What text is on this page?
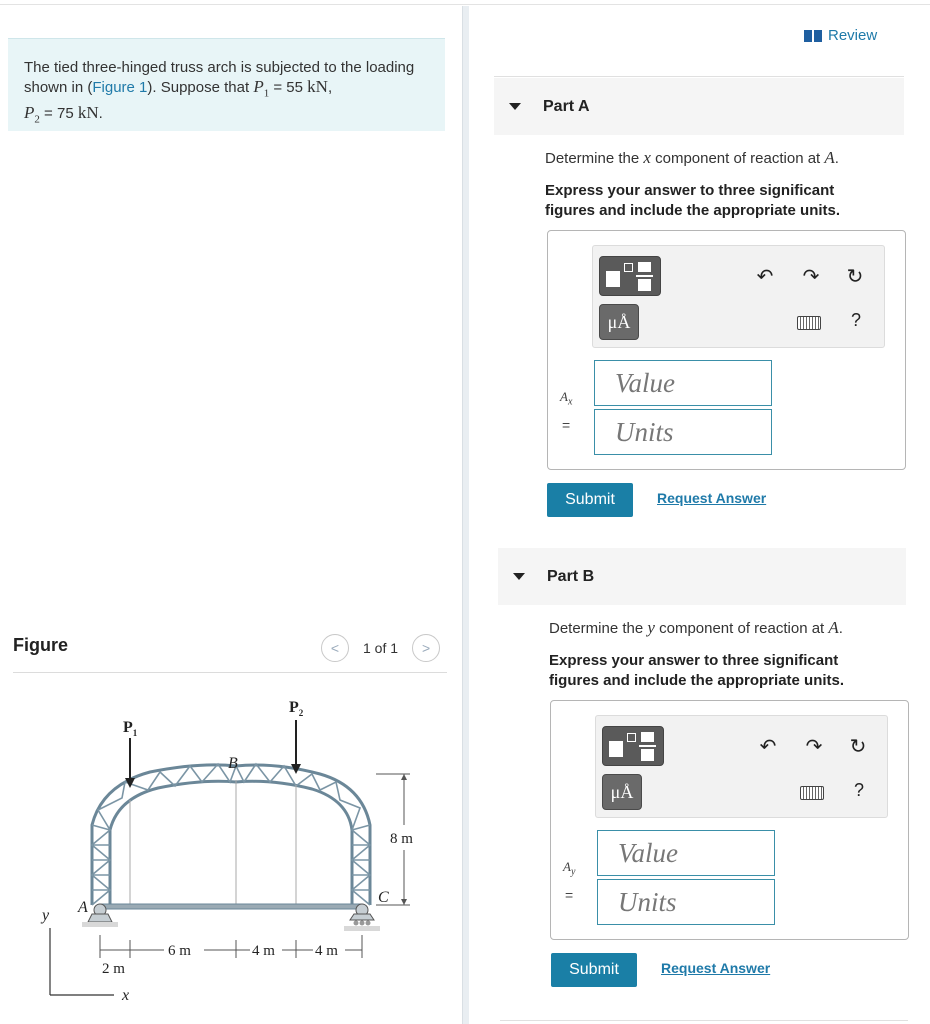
The tied three-hinged truss arch is subjected to the loading shown in (Figure 1). Suppose that $P_1 = 55$ kN,
$P_2 = 75$ kN.
Figure	< 1 of 1 >
$P_1$
$P_2$
B
A
C
8 m
6 m	4 m	4 m
2 m
y
x
Review
Part A
Determine the x component of reaction at A.
Express your answer to three significant figures and include the appropriate units.
μÅ
↶ ↷ ↻
?
$A_x$
=
Value
Units
Submit	Request Answer
Part B
Determine the y component of reaction at A.
Express your answer to three significant figures and include the appropriate units.
μÅ
↶ ↷ ↻
?
$A_y$
=
Value
Units
Submit	Request Answer
